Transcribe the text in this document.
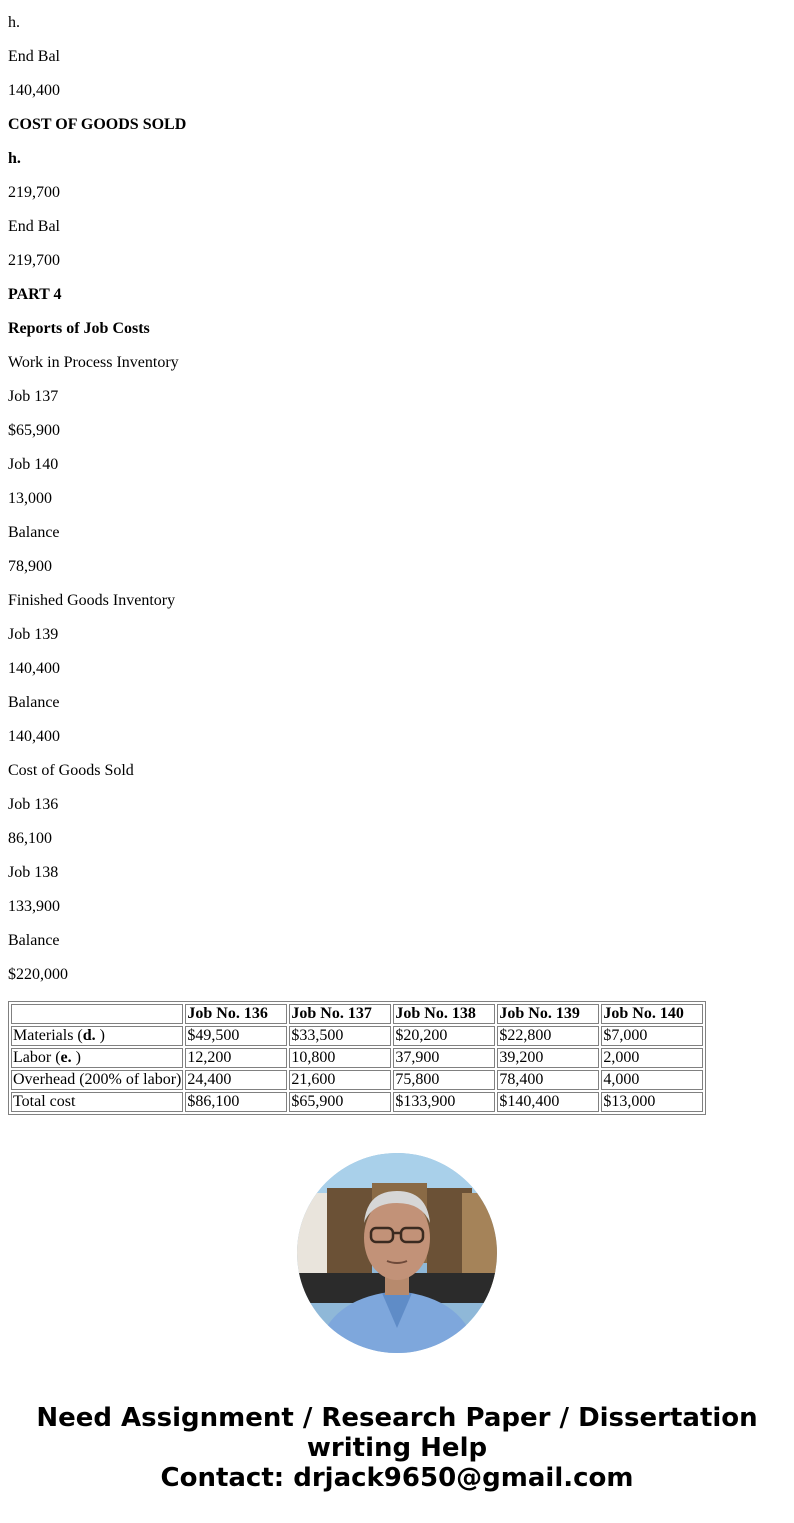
h.

End Bal

140,400

COST OF GOODS SOLD

h.

219,700

End Bal

219,700

PART 4

Reports of Job Costs

Work in Process Inventory

Job 137

$65,900

Job 140

13,000

Balance

78,900

Finished Goods Inventory

Job 139

140,400

Balance

140,400

Cost of Goods Sold

Job 136

86,100

Job 138

133,900

Balance

$220,000

	Job No. 136	Job No. 137	Job No. 138	Job No. 139	Job No. 140
Materials (d. )	$49,500	$33,500	$20,200	$22,800	$7,000
Labor (e. )	12,200	10,800	37,900	39,200	2,000
Overhead (200% of labor)	24,400	21,600	75,800	78,400	4,000
Total cost	$86,100	$65,900	$133,900	$140,400	$13,000
Need Assignment / Research Paper / Dissertation
writing Help
Contact: drjack9650@gmail.com
